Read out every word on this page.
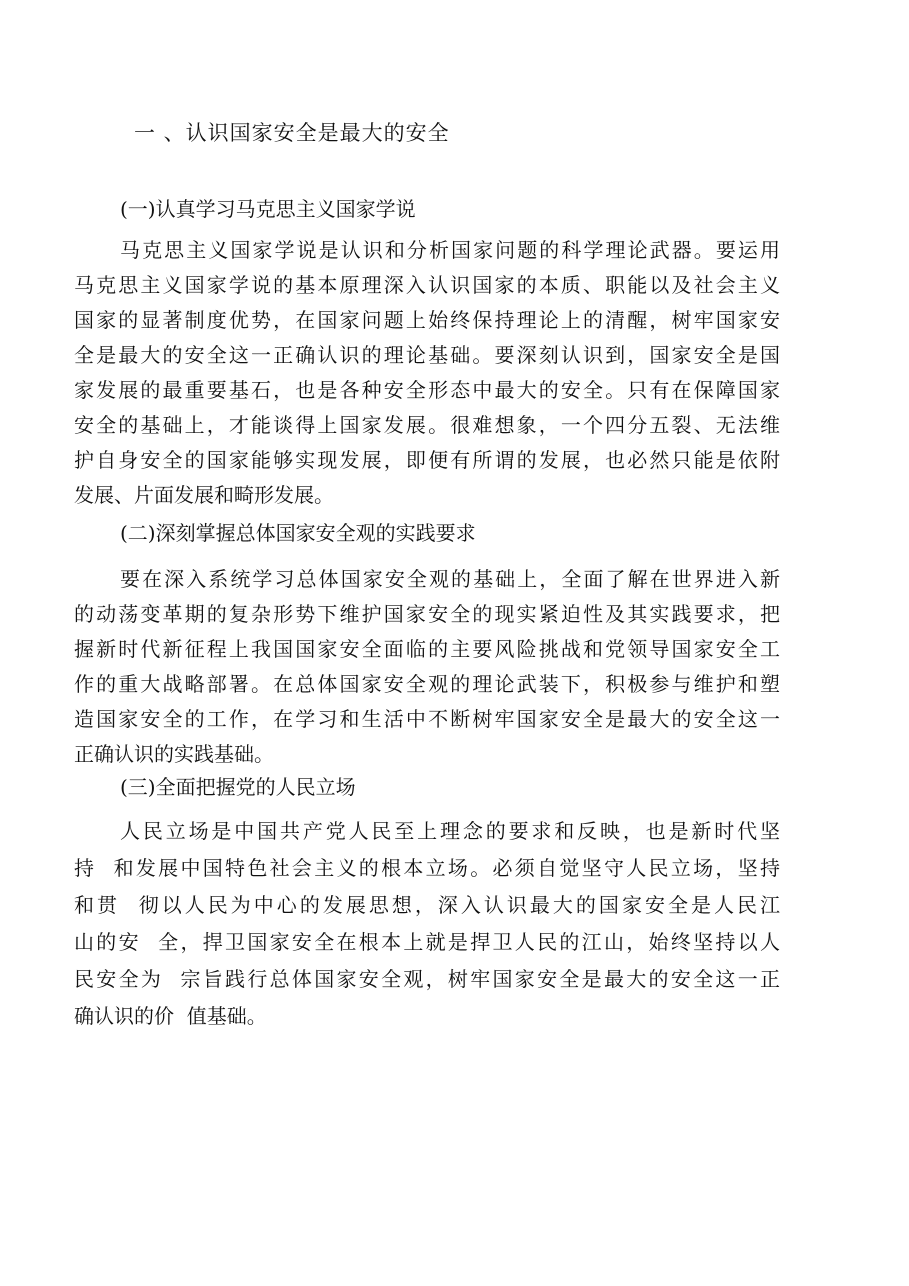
一 、认识国家安全是最大的安全
(一)认真学习马克思主义国家学说
马克思主义国家学说是认识和分析国家问题的科学理论武器。要运用
马克思主义国家学说的基本原理深入认识国家的本质、职能以及社会主义
国家的显著制度优势，在国家问题上始终保持理论上的清醒，树牢国家安
全是最大的安全这一正确认识的理论基础。要深刻认识到，国家安全是国
家发展的最重要基石，也是各种安全形态中最大的安全。只有在保障国家
安全的基础上，才能谈得上国家发展。很难想象，一个四分五裂、无法维
护自身安全的国家能够实现发展，即便有所谓的发展，也必然只能是依附
发展、片面发展和畸形发展。
(二)深刻掌握总体国家安全观的实践要求
要在深入系统学习总体国家安全观的基础上，全面了解在世界进入新
的动荡变革期的复杂形势下维护国家安全的现实紧迫性及其实践要求，把
握新时代新征程上我国国家安全面临的主要风险挑战和党领导国家安全工
作的重大战略部署。在总体国家安全观的理论武装下，积极参与维护和塑
造国家安全的工作，在学习和生活中不断树牢国家安全是最大的安全这一
正确认识的实践基础。
(三)全面把握党的人民立场
人民立场是中国共产党人民至上理念的要求和反映，也是新时代坚
持  和发展中国特色社会主义的根本立场。必须自觉坚守人民立场，坚持
和贯  彻以人民为中心的发展思想，深入认识最大的国家安全是人民江
山的安  全，捍卫国家安全在根本上就是捍卫人民的江山，始终坚持以人
民安全为  宗旨践行总体国家安全观，树牢国家安全是最大的安全这一正
确认识的价  值基础。
